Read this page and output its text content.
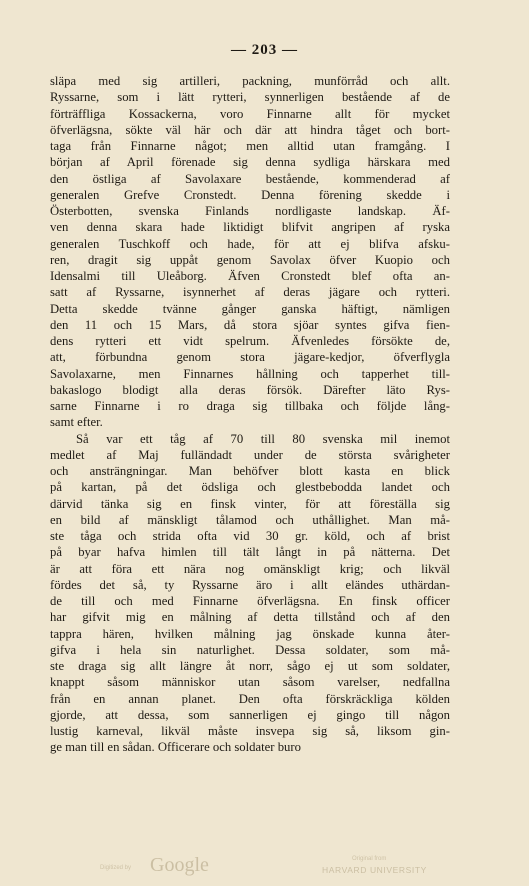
— 203 —
släpa med sig artilleri, packning, munförråd och allt.
Ryssarne, som i lätt rytteri, synnerligen bestående af de
förträffliga Kossackerna, voro Finnarne allt för mycket
öfverlägsna, sökte väl här och där att hindra tåget och bort-
taga från Finnarne något; men alltid utan framgång. I
början af April förenade sig denna sydliga härskara med
den östliga af Savolaxare bestående, kommenderad af
generalen Grefve Cronstedt. Denna förening skedde i
Österbotten, svenska Finlands nordligaste landskap. Äf-
ven denna skara hade liktidigt blifvit angripen af ryska
generalen Tuschkoff och hade, för att ej blifva afsku-
ren, dragit sig uppåt genom Savolax öfver Kuopio och
Idensalmi till Uleåborg. Äfven Cronstedt blef ofta an-
satt af Ryssarne, isynnerhet af deras jägare och rytteri.
Detta skedde tvänne gånger ganska häftigt, nämligen
den 11 och 15 Mars, då stora sjöar syntes gifva fien-
dens rytteri ett vidt spelrum. Äfvenledes försökte de,
att, förbundna genom stora jägare-kedjor, öfverflygla
Savolaxarne, men Finnarnes hållning och tapperhet till-
bakaslogo blodigt alla deras försök. Därefter läto Rys-
sarne Finnarne i ro draga sig tillbaka och följde lång-
samt efter.
Så var ett tåg af 70 till 80 svenska mil inemot
medlet af Maj fulländadt under de största svårigheter
och ansträngningar. Man behöfver blott kasta en blick
på kartan, på det ödsliga och glestbebodda landet och
därvid tänka sig en finsk vinter, för att föreställa sig
en bild af mänskligt tålamod och uthållighet. Man må-
ste tåga och strida ofta vid 30 gr. köld, och af brist
på byar hafva himlen till tält långt in på nätterna. Det
är att föra ett nära nog omänskligt krig; och likväl
fördes det så, ty Ryssarne äro i allt eländes uthärdan-
de till och med Finnarne öfverlägsna. En finsk officer
har gifvit mig en målning af detta tillstånd och af den
tappra hären, hvilken målning jag önskade kunna åter-
gifva i hela sin naturlighet. Dessa soldater, som må-
ste draga sig allt längre åt norr, sågo ej ut som soldater,
knappt såsom människor utan såsom varelser, nedfallna
från en annan planet. Den ofta förskräckliga kölden
gjorde, att dessa, som sannerligen ej gingo till någon
lustig karneval, likväl måste insvepa sig så, liksom gin-
ge man till en sådan. Officerare och soldater buro
Digitized by Google	Original from
HARVARD UNIVERSITY
